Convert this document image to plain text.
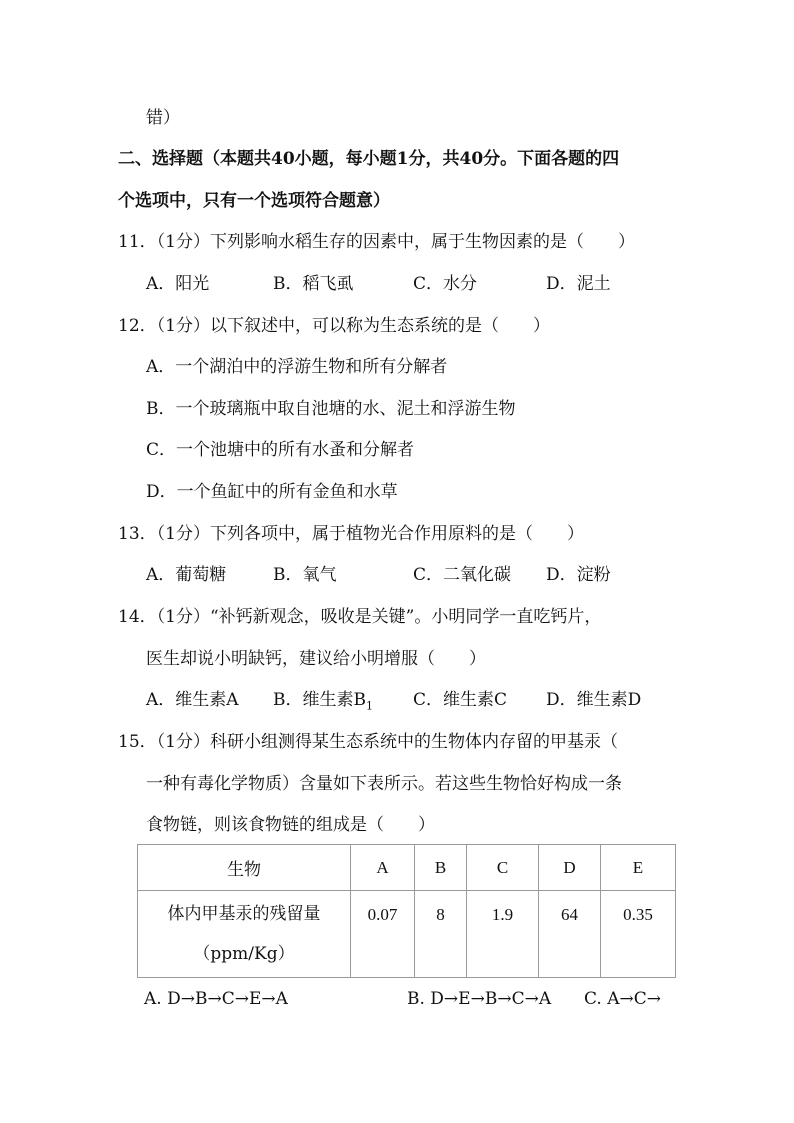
错）
二、选择题（本题共40小题，每小题1分，共40分。下面各题的四
个选项中，只有一个选项符合题意）
11．（1分）下列影响水稻生存的因素中，属于生物因素的是（　　）
A．阳光	B．稻飞虱	C．水分	D．泥土
12．（1分）以下叙述中，可以称为生态系统的是（　　）
A．一个湖泊中的浮游生物和所有分解者
B．一个玻璃瓶中取自池塘的水、泥土和浮游生物
C．一个池塘中的所有水蚤和分解者
D．一个鱼缸中的所有金鱼和水草
13．（1分）下列各项中，属于植物光合作用原料的是（　　）
A．葡萄糖	B．氧气	C．二氧化碳 D．淀粉
14．（1分）“补钙新观念，吸收是关键”。小明同学一直吃钙片，
医生却说小明缺钙，建议给小明增服（　　）
A．维生素A B．维生素$B_1$ C．维生素C D．维生素D
15．（1分）科研小组测得某生态系统中的生物体内存留的甲基汞（
一种有毒化学物质）含量如下表所示。若这些生物恰好构成一条
食物链，则该食物链的组成是（　　）
生物	A	B	C	D	E

体内甲基汞的残留量
（ppm/Kg）	0.07	8	1.9	64	0.35
A. D→B→C→E→A	B. D→E→B→C→A C. A→C→
